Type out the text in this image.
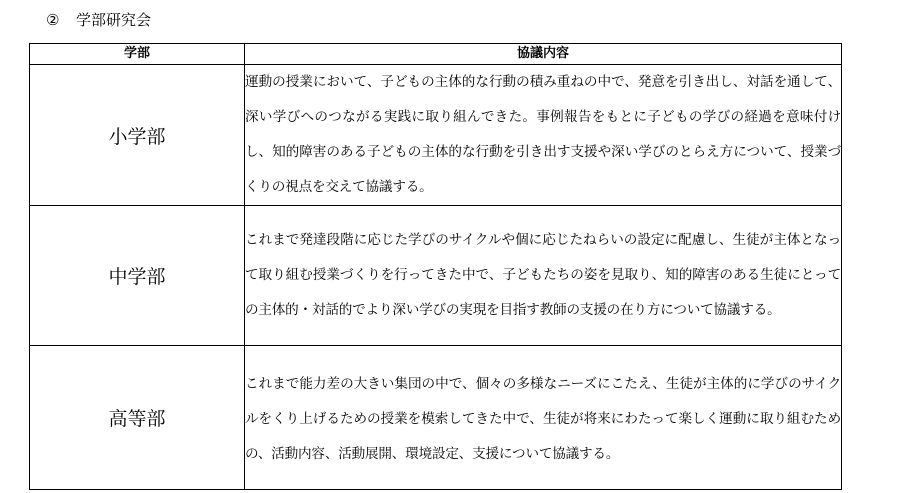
② 学部研究会
学部	協議内容
小学部	運動の授業において、子どもの主体的な行動の積み重ねの中で、発意を引き出し、対話を通して、深い学びへのつながる実践に取り組んできた。事例報告をもとに子どもの学びの経過を意味付けし、知的障害のある子どもの主体的な行動を引き出す支援や深い学びのとらえ方について、授業づくりの視点を交えて協議する。
中学部	これまで発達段階に応じた学びのサイクルや個に応じたねらいの設定に配慮し、生徒が主体となって取り組む授業づくりを行ってきた中で、子どもたちの姿を見取り、知的障害のある生徒にとっての主体的・対話的でより深い学びの実現を目指す教師の支援の在り方について協議する。
高等部	これまで能力差の大きい集団の中で、個々の多様なニーズにこたえ、生徒が主体的に学びのサイクルをくり上げるための授業を模索してきた中で、生徒が将来にわたって楽しく運動に取り組むための、活動内容、活動展開、環境設定、支援について協議する。
